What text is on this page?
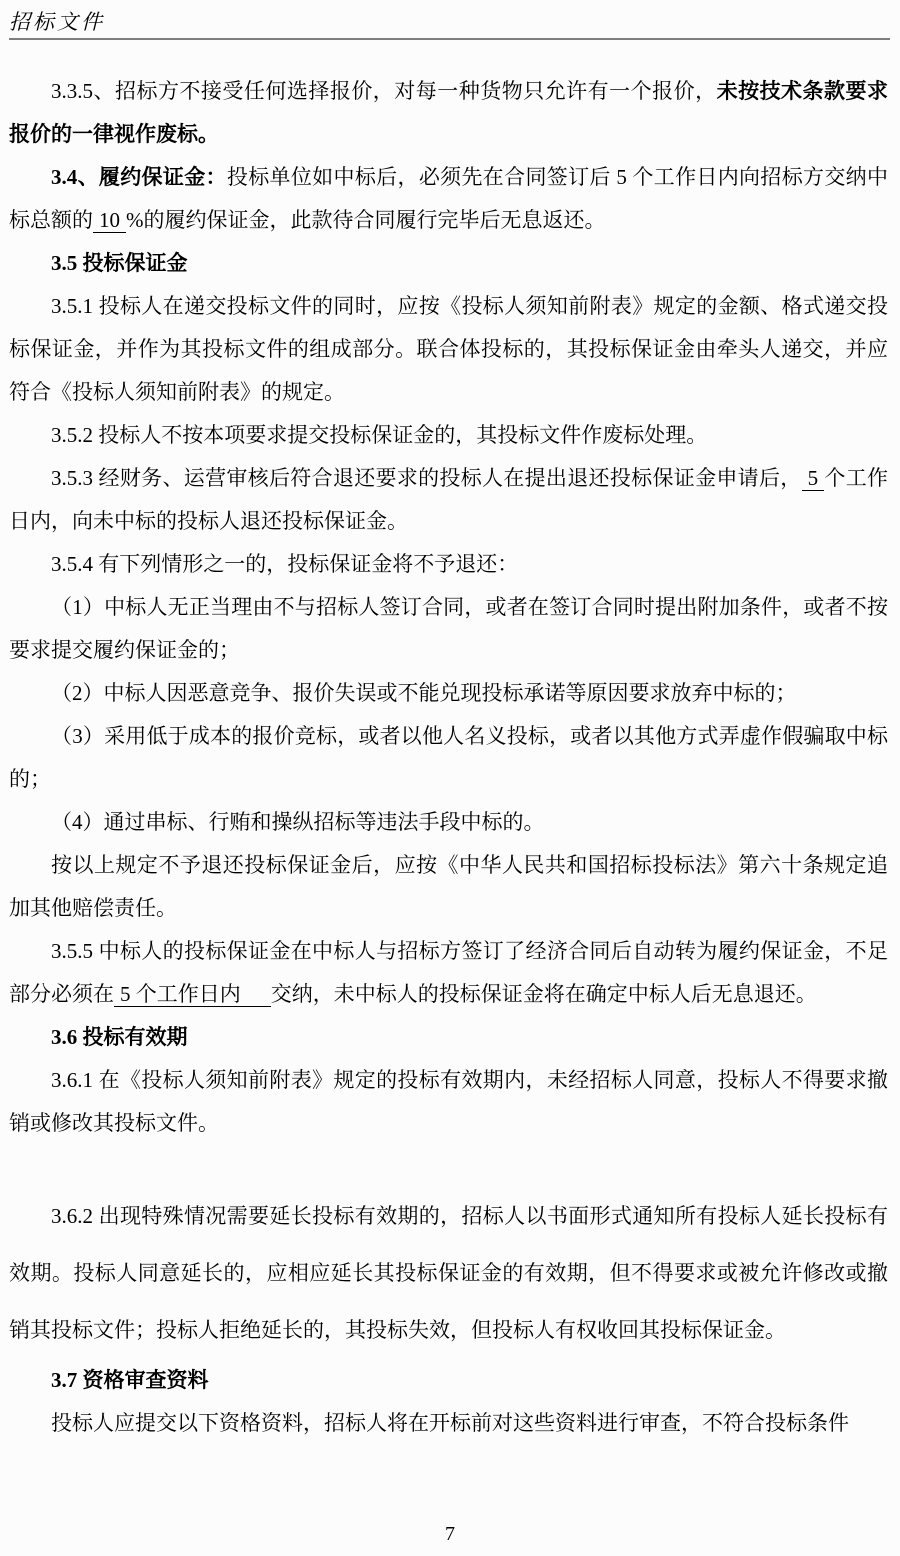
招标文件

3.3.5、招标方不接受任何选择报价，对每一种货物只允许有一个报价，未按技术条款要求报价的一律视作废标。

3.4、履约保证金：投标单位如中标后，必须先在合同签订后 5 个工作日内向招标方交纳中标总额的 10 %的履约保证金，此款待合同履行完毕后无息返还。

3.5 投标保证金

3.5.1 投标人在递交投标文件的同时，应按《投标人须知前附表》规定的金额、格式递交投标保证金，并作为其投标文件的组成部分。联合体投标的，其投标保证金由牵头人递交，并应符合《投标人须知前附表》的规定。

3.5.2 投标人不按本项要求提交投标保证金的，其投标文件作废标处理。

3.5.3 经财务、运营审核后符合退还要求的投标人在提出退还投标保证金申请后， 5 个工作日内，向未中标的投标人退还投标保证金。

3.5.4 有下列情形之一的，投标保证金将不予退还：

（1）中标人无正当理由不与招标人签订合同，或者在签订合同时提出附加条件，或者不按要求提交履约保证金的；

（2）中标人因恶意竞争、报价失误或不能兑现投标承诺等原因要求放弃中标的；

（3）采用低于成本的报价竞标，或者以他人名义投标，或者以其他方式弄虚作假骗取中标的；

（4）通过串标、行贿和操纵招标等违法手段中标的。

按以上规定不予退还投标保证金后，应按《中华人民共和国招标投标法》第六十条规定追加其他赔偿责任。

3.5.5 中标人的投标保证金在中标人与招标方签订了经济合同后自动转为履约保证金，不足部分必须在 5 个工作日内 交纳，未中标人的投标保证金将在确定中标人后无息退还。

3.6 投标有效期

3.6.1 在《投标人须知前附表》规定的投标有效期内，未经招标人同意，投标人不得要求撤销或修改其投标文件。

3.6.2 出现特殊情况需要延长投标有效期的，招标人以书面形式通知所有投标人延长投标有效期。投标人同意延长的，应相应延长其投标保证金的有效期，但不得要求或被允许修改或撤销其投标文件；投标人拒绝延长的，其投标失效，但投标人有权收回其投标保证金。

3.7 资格审查资料

投标人应提交以下资格资料，招标人将在开标前对这些资料进行审查，不符合投标条件

7
